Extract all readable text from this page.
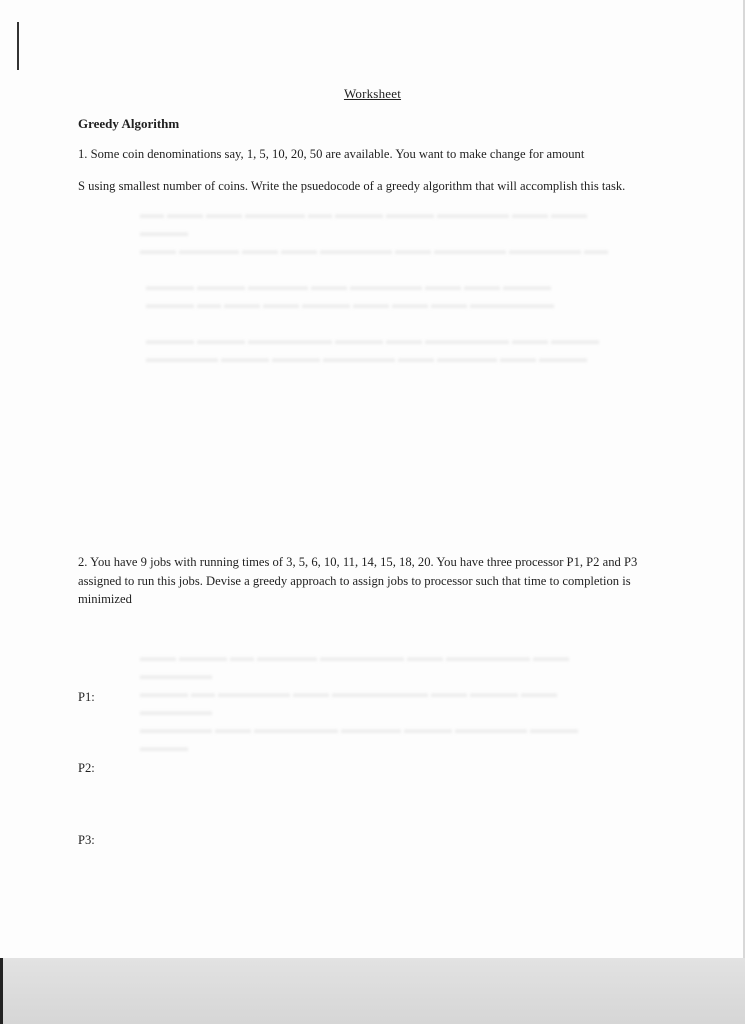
▬▬ ▬▬▬ ▬▬▬ ▬▬▬▬▬ ▬▬ ▬▬▬▬ ▬▬▬▬ ▬▬▬▬▬▬ ▬▬▬ ▬▬▬ ▬▬▬▬
▬▬▬ ▬▬▬▬▬ ▬▬▬ ▬▬▬ ▬▬▬▬▬▬ ▬▬▬ ▬▬▬▬▬▬ ▬▬▬▬▬▬ ▬▬

▬▬▬▬ ▬▬▬▬ ▬▬▬▬▬ ▬▬▬ ▬▬▬▬▬▬ ▬▬▬ ▬▬▬ ▬▬▬▬
▬▬▬▬ ▬▬ ▬▬▬ ▬▬▬ ▬▬▬▬ ▬▬▬ ▬▬▬ ▬▬▬ ▬▬▬▬▬▬▬

▬▬▬▬ ▬▬▬▬ ▬▬▬▬▬▬▬ ▬▬▬▬ ▬▬▬ ▬▬▬▬▬▬▬ ▬▬▬ ▬▬▬▬
▬▬▬▬▬▬ ▬▬▬▬ ▬▬▬▬ ▬▬▬▬▬▬ ▬▬▬ ▬▬▬▬▬ ▬▬▬ ▬▬▬▬
▬▬▬ ▬▬▬▬ ▬▬ ▬▬▬▬▬ ▬▬▬▬▬▬▬ ▬▬▬ ▬▬▬▬▬▬▬ ▬▬▬ ▬▬▬▬▬▬
▬▬▬▬ ▬▬ ▬▬▬▬▬▬ ▬▬▬ ▬▬▬▬▬▬▬▬ ▬▬▬ ▬▬▬▬ ▬▬▬ ▬▬▬▬▬▬
▬▬▬▬▬▬ ▬▬▬ ▬▬▬▬▬▬▬ ▬▬▬▬▬ ▬▬▬▬ ▬▬▬▬▬▬ ▬▬▬▬ ▬▬▬▬
Worksheet
Greedy Algorithm
1. Some coin denominations say, 1, 5, 10, 20, 50 are available. You want to make change for amount
S using smallest number of coins. Write the psuedocode of a greedy algorithm that will accomplish this task.
2. You have 9 jobs with running times of 3, 5, 6, 10, 11, 14, 15, 18, 20. You have three processor P1, P2 and P3 assigned to run this jobs. Devise a greedy approach to assign jobs to processor such that time to completion is minimized
P1:
P2:
P3:
